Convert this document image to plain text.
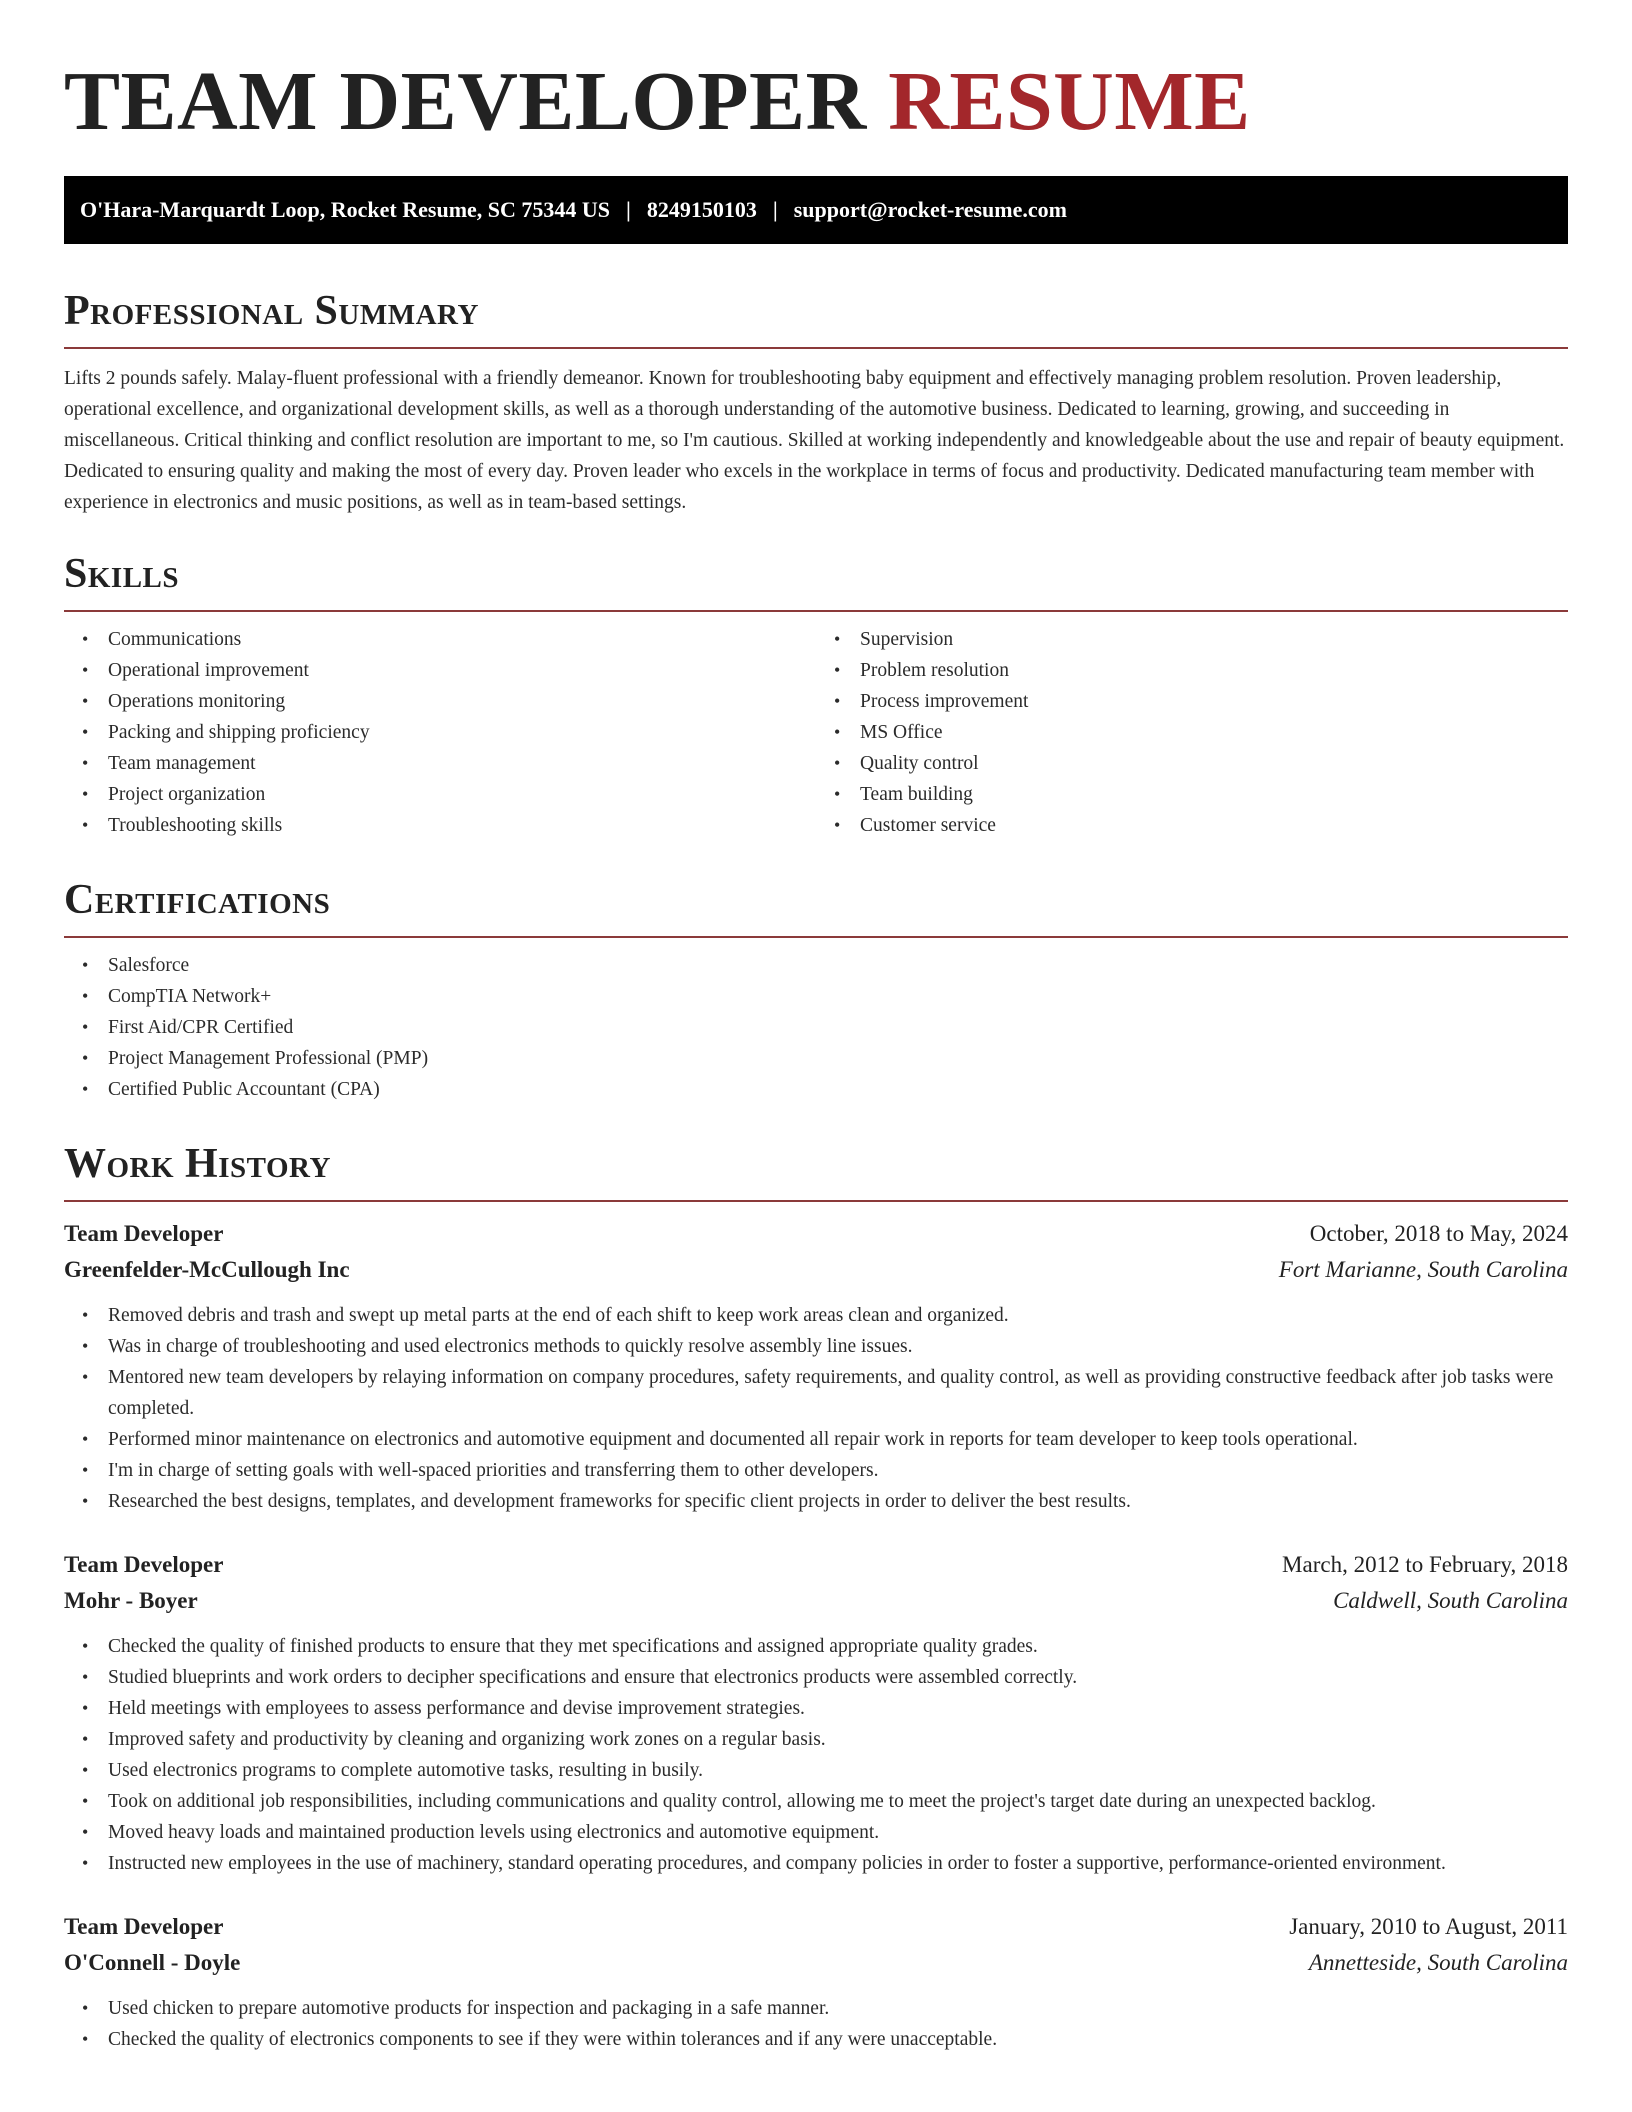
TEAM DEVELOPER RESUME
O'Hara-Marquardt Loop, Rocket Resume, SC 75344 US | 8249150103 | support@rocket-resume.com
Professional Summary

Lifts 2 pounds safely. Malay-fluent professional with a friendly demeanor. Known for troubleshooting baby equipment and effectively managing problem resolution. Proven leadership, operational excellence, and organizational development skills, as well as a thorough understanding of the automotive business. Dedicated to learning, growing, and succeeding in miscellaneous. Critical thinking and conflict resolution are important to me, so I'm cautious. Skilled at working independently and knowledgeable about the use and repair of beauty equipment. Dedicated to ensuring quality and making the most of every day. Proven leader who excels in the workplace in terms of focus and productivity. Dedicated manufacturing team member with experience in electronics and music positions, as well as in team-based settings.

Skills
• Communications
• Operational improvement
• Operations monitoring
• Packing and shipping proficiency
• Team management
• Project organization
• Troubleshooting skills
• Supervision
• Problem resolution
• Process improvement
• MS Office
• Quality control
• Team building
• Customer service
Certifications
• Salesforce
• CompTIA Network+
• First Aid/CPR Certified
• Project Management Professional (PMP)
• Certified Public Accountant (CPA)
Work History
Team Developer	October, 2018 to May, 2024
Greenfelder-McCullough Inc	Fort Marianne, South Carolina
• Removed debris and trash and swept up metal parts at the end of each shift to keep work areas clean and organized.
• Was in charge of troubleshooting and used electronics methods to quickly resolve assembly line issues.
• Mentored new team developers by relaying information on company procedures, safety requirements, and quality control, as well as providing constructive feedback after job tasks were completed.
• Performed minor maintenance on electronics and automotive equipment and documented all repair work in reports for team developer to keep tools operational.
• I'm in charge of setting goals with well-spaced priorities and transferring them to other developers.
• Researched the best designs, templates, and development frameworks for specific client projects in order to deliver the best results.
Team Developer	March, 2012 to February, 2018
Mohr - Boyer	Caldwell, South Carolina
• Checked the quality of finished products to ensure that they met specifications and assigned appropriate quality grades.
• Studied blueprints and work orders to decipher specifications and ensure that electronics products were assembled correctly.
• Held meetings with employees to assess performance and devise improvement strategies.
• Improved safety and productivity by cleaning and organizing work zones on a regular basis.
• Used electronics programs to complete automotive tasks, resulting in busily.
• Took on additional job responsibilities, including communications and quality control, allowing me to meet the project's target date during an unexpected backlog.
• Moved heavy loads and maintained production levels using electronics and automotive equipment.
• Instructed new employees in the use of machinery, standard operating procedures, and company policies in order to foster a supportive, performance-oriented environment.
Team Developer	January, 2010 to August, 2011
O'Connell - Doyle	Annetteside, South Carolina
• Used chicken to prepare automotive products for inspection and packaging in a safe manner.
• Checked the quality of electronics components to see if they were within tolerances and if any were unacceptable.
